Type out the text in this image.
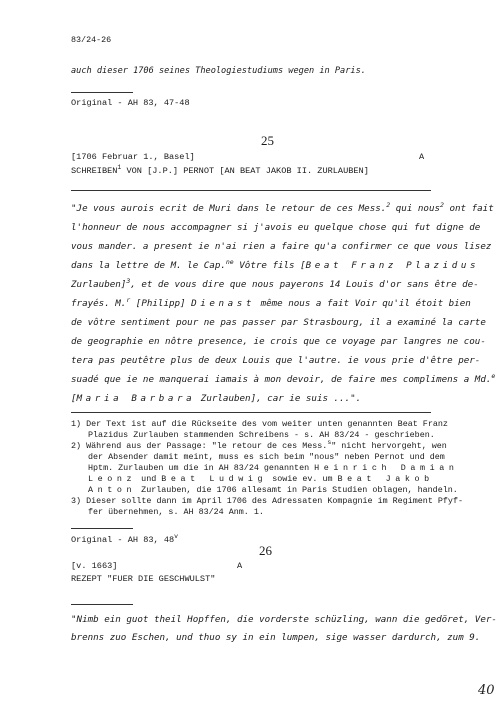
83/24-26
auch dieser 1706 seines Theologiestudiums wegen in Paris.
Original - AH 83, 47-48
25
[1706 Februar 1., Basel]	A
SCHREIBEN$^1$ VON [J.P.] PERNOT [AN BEAT JAKOB II. ZURLAUBEN]
"Je vous aurois ecrit de Muri dans le retour de ces Mess.$^2$ qui nous$^2$ ont fait
l'honneur de nous accompagner si j'avois eu quelque chose qui fut digne de
vous mander. a present ie n'ai rien a faire qu'a confirmer ce que vous lisez
dans la lettre de M. le Cap.$^{ne}$ Vôtre fils [Beat Franz Plazidus
Zurlauben]$^3$, et de vous dire que nous payerons 14 Louis d'or sans être de-
frayés. M.$^r$ [Philipp] Dienast même nous a fait Voir qu'il étoit bien
de vôtre sentiment pour ne pas passer par Strasbourg, il a examiné la carte
de geographie en nôtre presence, ie crois que ce voyage par langres ne cou-
tera pas peutêtre plus de deux Louis que l'autre. ie vous prie d'être per-
suadé que ie ne manquerai iamais à mon devoir, de faire mes complimens a Md.$^e$
[Maria Barbara Zurlauben], car ie suis ...".
1) Der Text ist auf die Rückseite des vom weiter unten genannten Beat Franz
Plazidus Zurlauben stammenden Schreibens - s. AH 83/24 - geschrieben.
2) Während aus der Passage: "le retour de ces Mess.$^s$" nicht hervorgeht, wen
der Absender damit meint, muss es sich beim "nous" neben Pernot und dem
Hptm. Zurlauben um die in AH 83/24 genannten Heinrich Damian
Leonz und Beat Ludwig sowie ev. um Beat Jakob
Anton Zurlauben, die 1706 allesamt in Paris Studien oblagen, handeln.
3) Dieser sollte dann im April 1706 des Adressaten Kompagnie im Regiment Pfyf-
fer übernehmen, s. AH 83/24 Anm. 1.
Original - AH 83, 48$^v$
26
[v. 1663]	A
REZEPT "FUER DIE GESCHWULST"
"Nimb ein guot theil Hopffen, die vorderste schüzling, wann die gedöret, Ver-
brenns zuo Eschen, und thuo sy in ein lumpen, sige wasser dardurch, zum 9.
40
